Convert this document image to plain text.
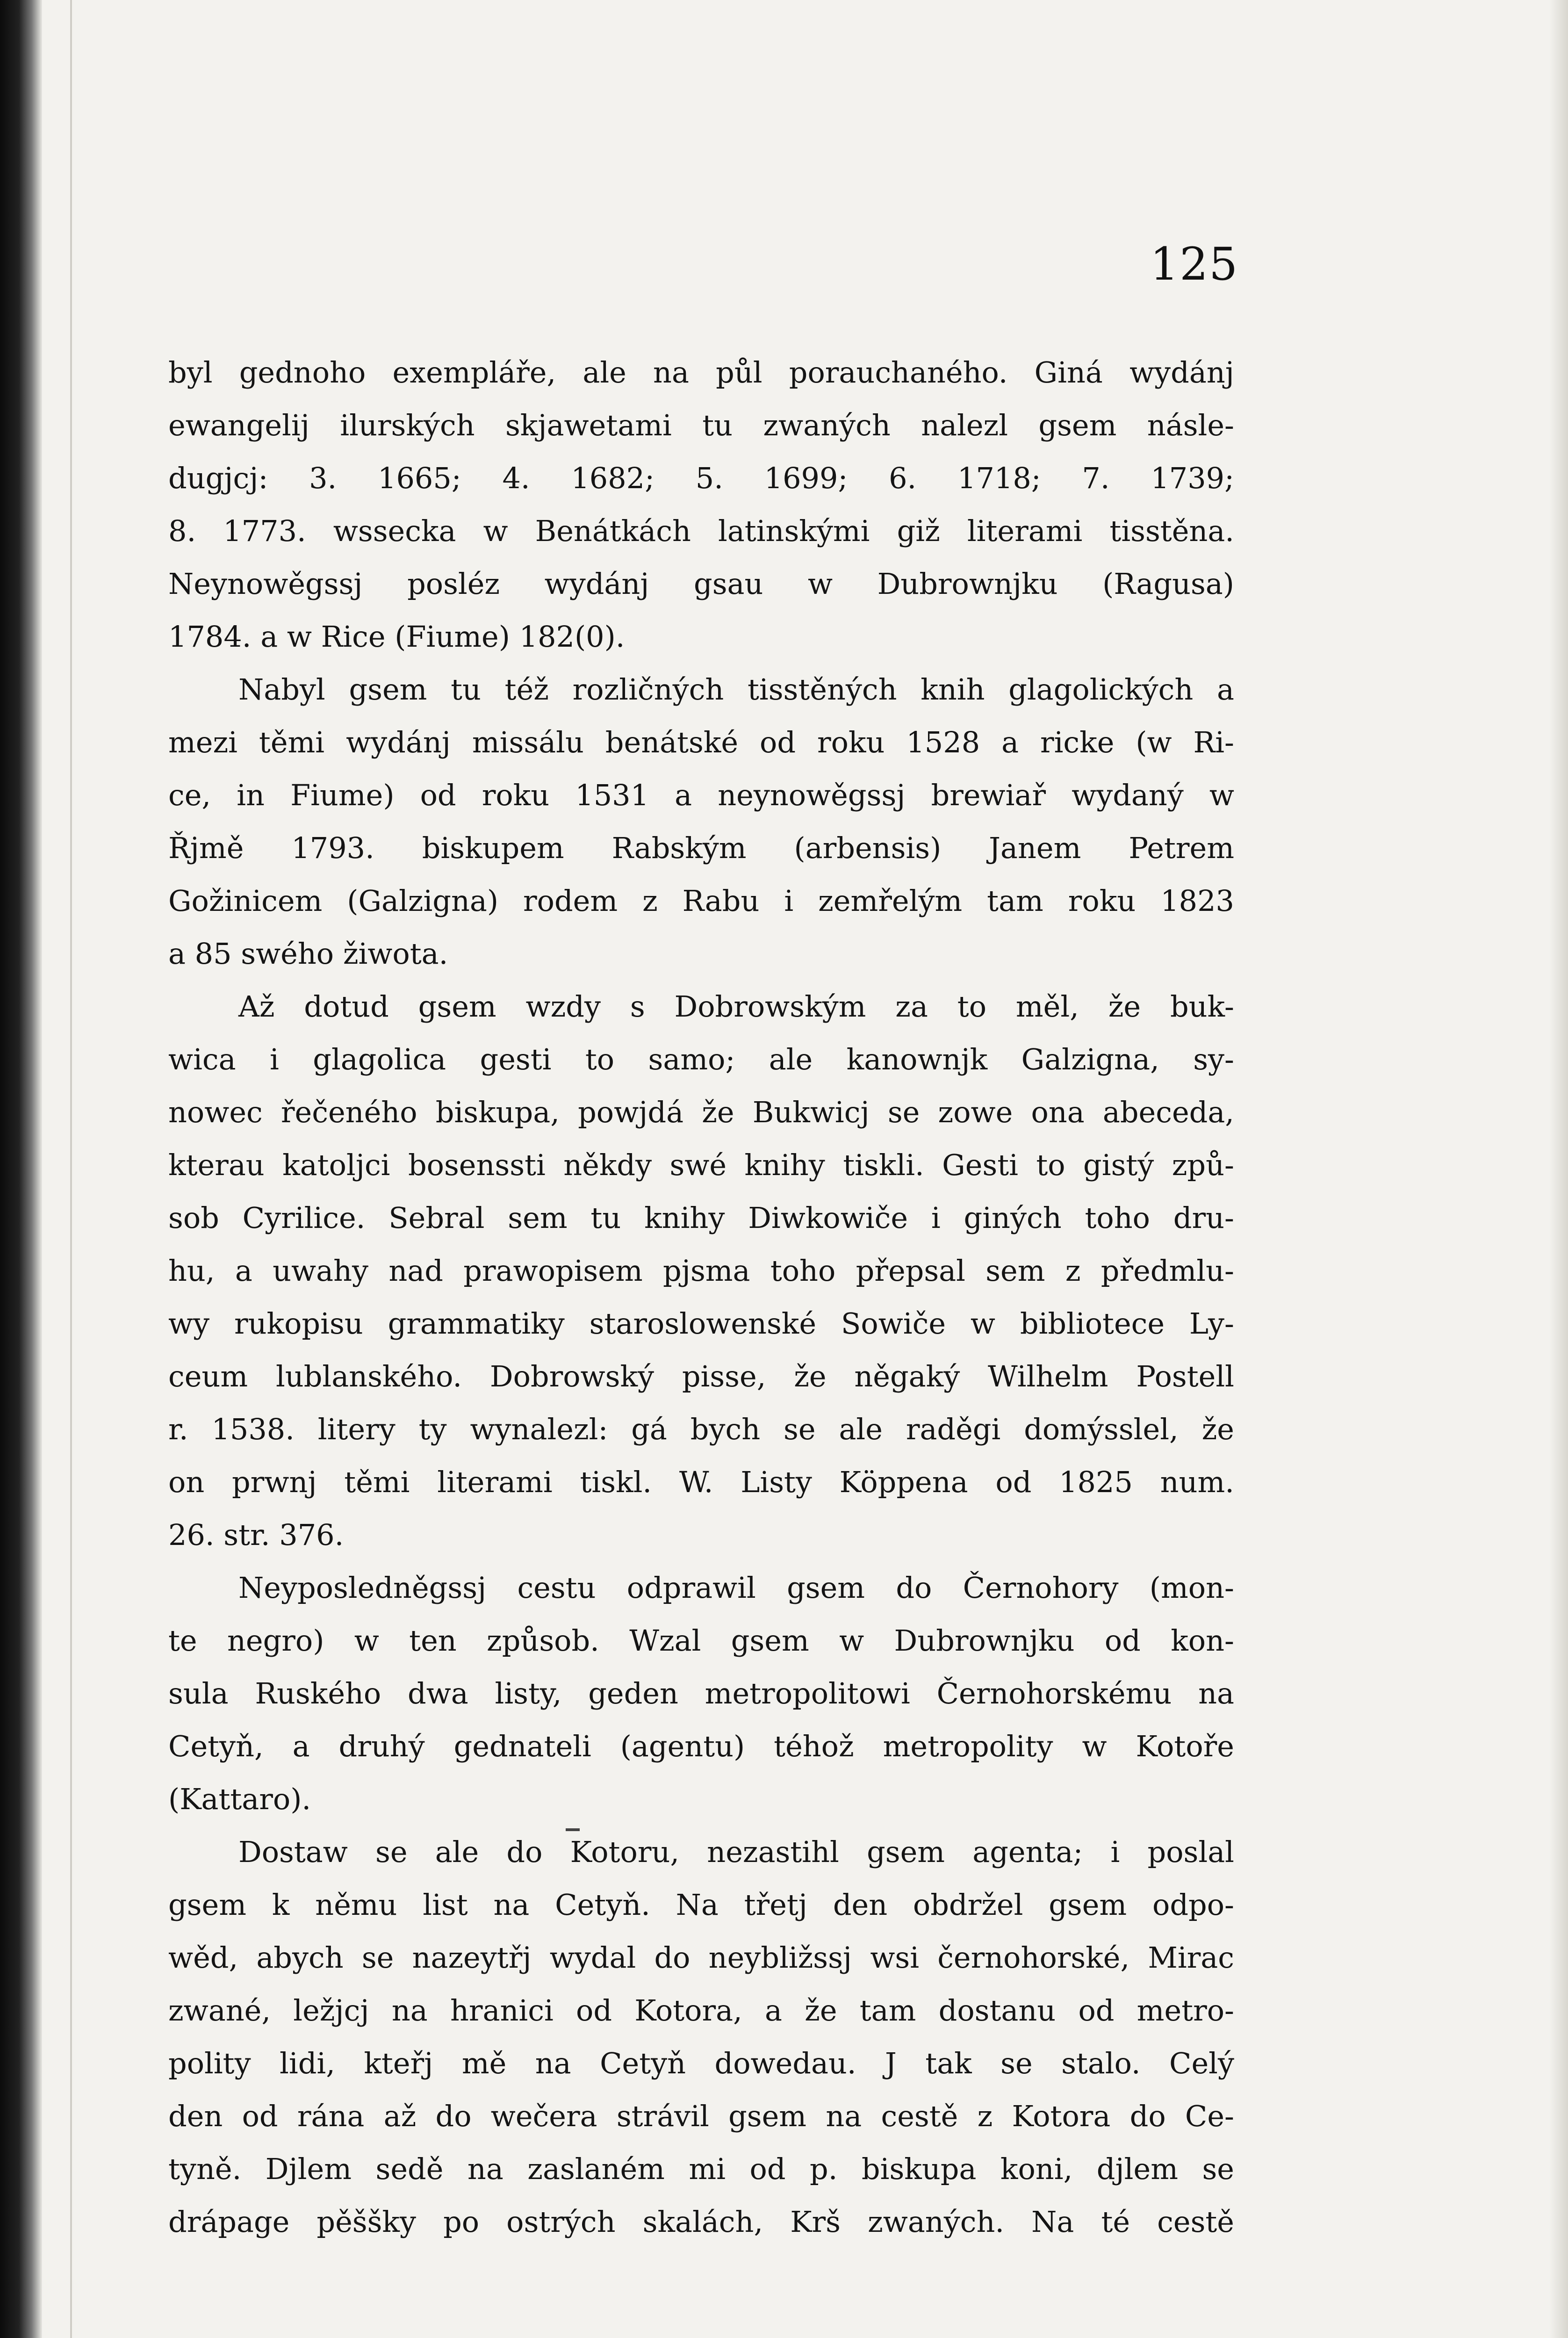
125
byl gednoho exempláře, ale na půl porauchaného. Giná wydánj
ewangelij ilurských skjawetami tu zwaných nalezl gsem násle-
dugjcj: 3. 1665; 4. 1682; 5. 1699; 6. 1718; 7. 1739;
8. 1773. wssecka w Benátkách latinskými giž literami tisstěna.
Neynowěgssj posléz wydánj gsau w Dubrownjku (Ragusa)
1784. a w Rice (Fiume) 182(0).
Nabyl gsem tu též rozličných tisstěných knih glagolických a
mezi těmi wydánj missálu benátské od roku 1528 a ricke (w Ri-
ce, in Fiume) od roku 1531 a neynowěgssj brewiař wydaný w
Řjmě 1793. biskupem Rabským (arbensis) Janem Petrem
Gožinicem (Galzigna) rodem z Rabu i zemřelým tam roku 1823
a 85 swého žiwota.
Až dotud gsem wzdy s Dobrowským za to měl, že buk-
wica i glagolica gesti to samo; ale kanownjk Galzigna, sy-
nowec řečeného biskupa, powjdá že Bukwicj se zowe ona abeceda,
kterau katoljci bosenssti někdy swé knihy tiskli. Gesti to gistý způ-
sob Cyrilice. Sebral sem tu knihy Diwkowiče i giných toho dru-
hu, a uwahy nad prawopisem pjsma toho přepsal sem z předmlu-
wy rukopisu grammatiky staroslowenské Sowiče w bibliotece Ly-
ceum lublanského. Dobrowský pisse, že něgaký Wilhelm Postell
r. 1538. litery ty wynalezl: gá bych se ale raděgi domýsslel, že
on prwnj těmi literami tiskl. W. Listy Köppena od 1825 num.
26. str. 376.
Neyposledněgssj cestu odprawil gsem do Černohory (mon-
te negro) w ten způsob. Wzal gsem w Dubrownjku od kon-
sula Ruského dwa listy, geden metropolitowi Černohorskému na
Cetyň, a druhý gednateli (agentu) téhož metropolity w Kotoře
(Kattaro).
Dostaw se ale do Kotoru, nezastihl gsem agenta; i poslal
gsem k němu list na Cetyň. Na třetj den obdržel gsem odpo-
wěd, abych se nazeytřj wydal do neybližssj wsi černohorské, Mirac
zwané, ležjcj na hranici od Kotora, a že tam dostanu od metro-
polity lidi, kteřj mě na Cetyň dowedau. J tak se stalo. Celý
den od rána až do wečera strávil gsem na cestě z Kotora do Ce-
tyně. Djlem sedě na zaslaném mi od p. biskupa koni, djlem se
drápage pěššky po ostrých skalách, Krš zwaných. Na té cestě
